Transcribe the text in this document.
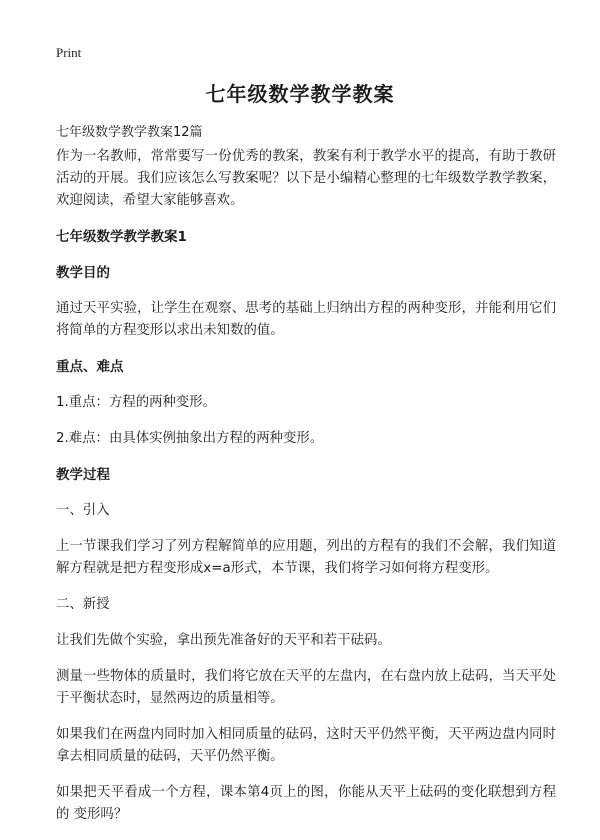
Print
七年级数学教学教案
七年级数学教学教案12篇

作为一名教师，常常要写一份优秀的教案，教案有利于教学水平的提高，有助于教研活动的开展。我们应该怎么写教案呢？以下是小编精心整理的七年级数学教学教案，欢迎阅读，希望大家能够喜欢。

七年级数学教学教案1
教学目的

通过天平实验，让学生在观察、思考的基础上归纳出方程的两种变形，并能利用它们将简单的方程变形以求出未知数的值。

重点、难点

1.重点：方程的两种变形。

2.难点：由具体实例抽象出方程的两种变形。

教学过程

一、引入

上一节课我们学习了列方程解简单的应用题，列出的方程有的我们不会解，我们知道解方程就是把方程变形成x=a形式，本节课，我们将学习如何将方程变形。

二、新授

让我们先做个实验，拿出预先准备好的天平和若干砝码。

测量一些物体的质量时，我们将它放在天平的左盘内，在右盘内放上砝码，当天平处于平衡状态时，显然两边的质量相等。

如果我们在两盘内同时加入相同质量的砝码，这时天平仍然平衡，天平两边盘内同时拿去相同质量的砝码，天平仍然平衡。

如果把天平看成一个方程，课本第4页上的图，你能从天平上砝码的变化联想到方程的 变形吗？
